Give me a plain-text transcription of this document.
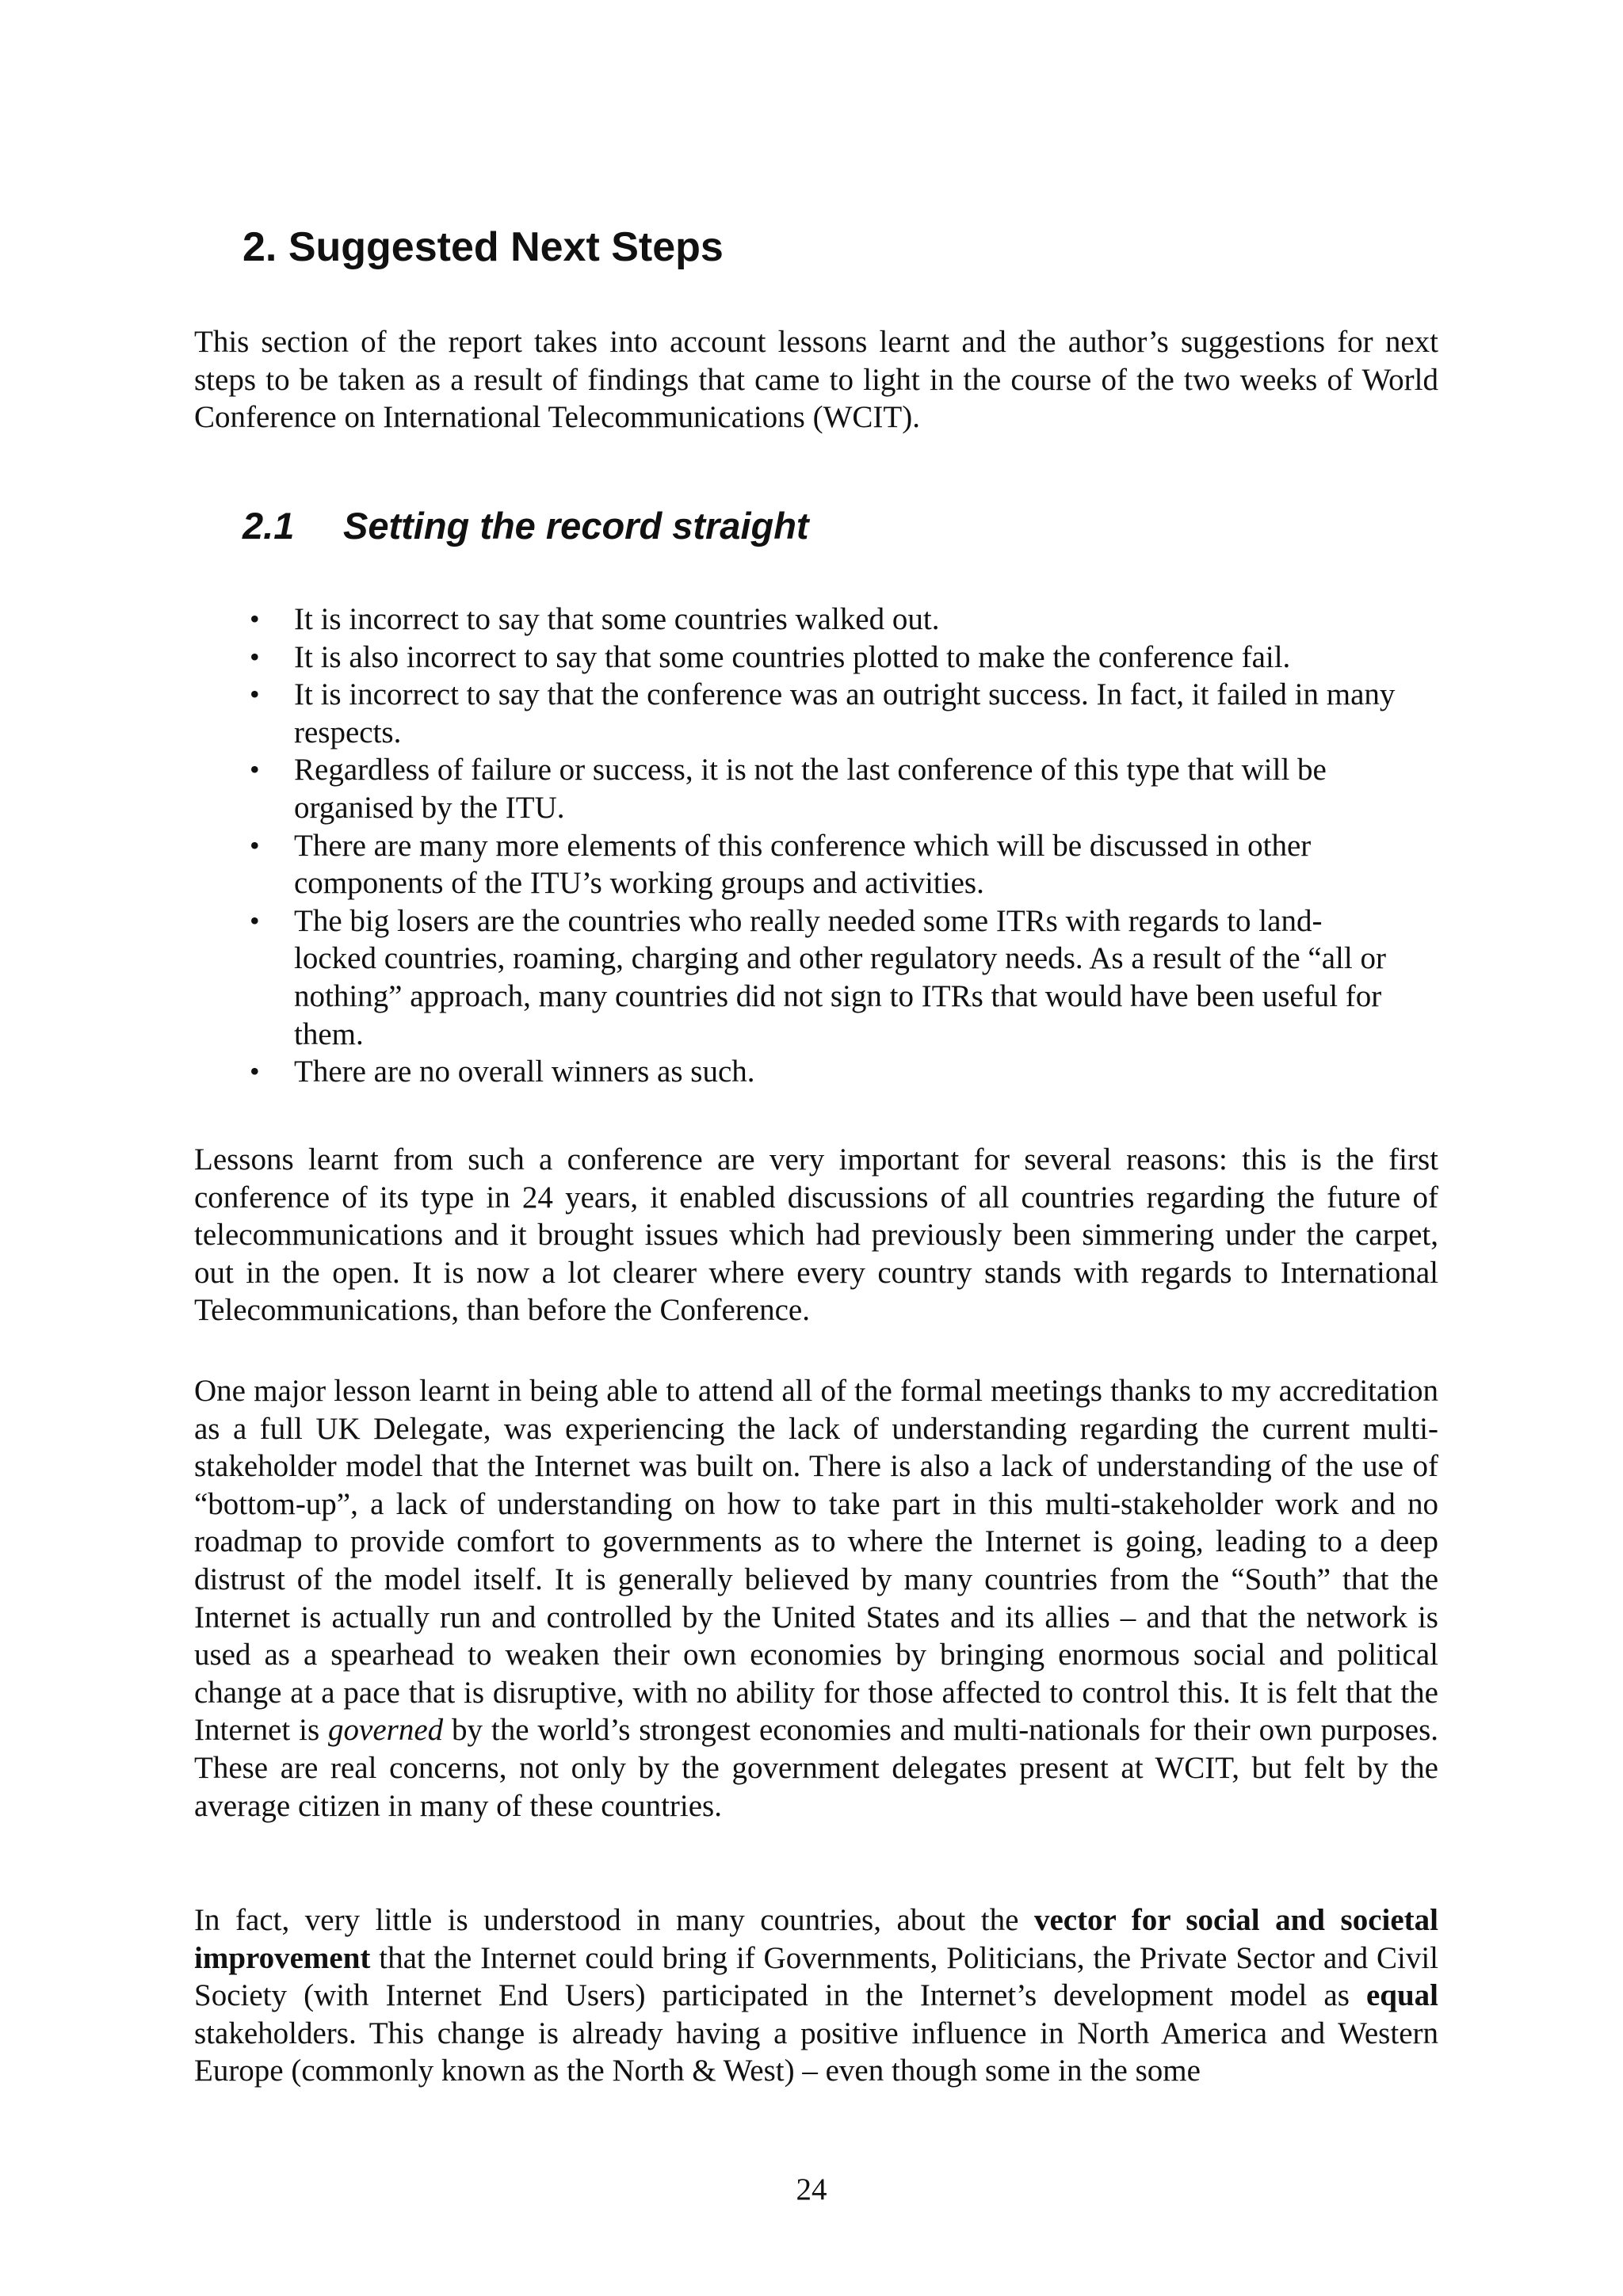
2. Suggested Next Steps

This section of the report takes into account lessons learnt and the author’s suggestions for next steps to be taken as a result of findings that came to light in the course of the two weeks of World Conference on International Telecommunications (WCIT).

2.1 Setting the record straight
• It is incorrect to say that some countries walked out.
• It is also incorrect to say that some countries plotted to make the conference fail.
• It is incorrect to say that the conference was an outright success. In fact, it failed in many respects.
• Regardless of failure or success, it is not the last conference of this type that will be organised by the ITU.
• There are many more elements of this conference which will be discussed in other components of the ITU’s working groups and activities.
• The big losers are the countries who really needed some ITRs with regards to land-locked countries, roaming, charging and other regulatory needs. As a result of the “all or nothing” approach, many countries did not sign to ITRs that would have been useful for them.
• There are no overall winners as such.

Lessons learnt from such a conference are very important for several reasons: this is the first conference of its type in 24 years, it enabled discussions of all countries regarding the future of telecommunications and it brought issues which had previously been simmering under the carpet, out in the open. It is now a lot clearer where every country stands with regards to International Telecommunications, than before the Conference.

One major lesson learnt in being able to attend all of the formal meetings thanks to my accreditation as a full UK Delegate, was experiencing the lack of understanding regarding the current multi-stakeholder model that the Internet was built on. There is also a lack of understanding of the use of “bottom-up”, a lack of understanding on how to take part in this multi-stakeholder work and no roadmap to provide comfort to governments as to where the Internet is going, leading to a deep distrust of the model itself. It is generally believed by many countries from the “South” that the Internet is actually run and controlled by the United States and its allies – and that the network is used as a spearhead to weaken their own economies by bringing enormous social and political change at a pace that is disruptive, with no ability for those affected to control this. It is felt that the Internet is governed by the world’s strongest economies and multi-nationals for their own purposes. These are real concerns, not only by the government delegates present at WCIT, but felt by the average citizen in many of these countries.

In fact, very little is understood in many countries, about the vector for social and societal improvement that the Internet could bring if Governments, Politicians, the Private Sector and Civil Society (with Internet End Users) participated in the Internet’s development model as equal stakeholders. This change is already having a positive influence in North America and Western Europe (commonly known as the North & West) – even though some in the some

24
